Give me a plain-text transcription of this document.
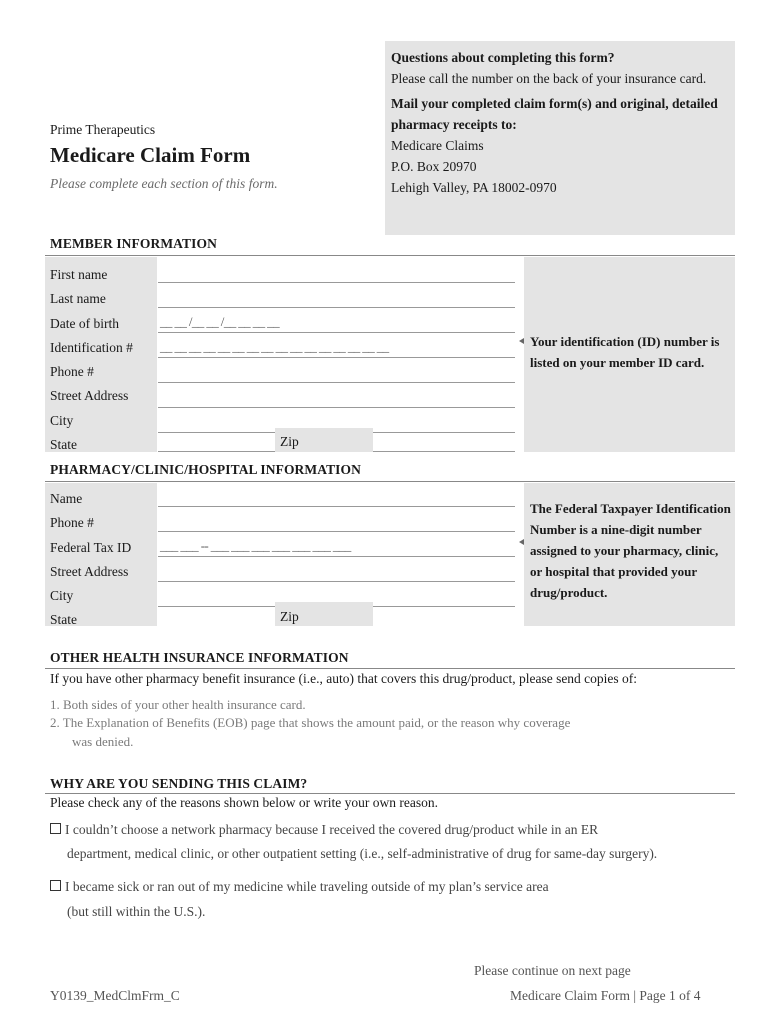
Questions about completing this form?
Please call the number on the back of your insurance card.
Mail your completed claim form(s) and original, detailed pharmacy receipts to:
Medicare Claims
P.O. Box 20970
Lehigh Valley, PA 18002-0970
Prime Therapeutics
Medicare Claim Form
Please complete each section of this form.
MEMBER INFORMATION
First name
Last name
Date of birth
Identification #
Phone #
Street Address
City
State
__ __ /__ __ /__ __ __ __
__ __ __ __ __ __ __ __ __ __ __ __ __ __ __ __
Zip
Your identification (ID) number is listed on your member ID card.
PHARMACY/CLINIC/HOSPITAL INFORMATION
Name
Phone #
Federal Tax ID
Street Address
City
State
___ ___ -- ___ ___ ___ ___ ___ ___ ___
Zip
The Federal Taxpayer Identification Number is a nine-digit number assigned to your pharmacy, clinic, or hospital that provided your drug/product.
OTHER HEALTH INSURANCE INFORMATION
If you have other pharmacy benefit insurance (i.e., auto) that covers this drug/product, please send copies of:
1. Both sides of your other health insurance card.
2. The Explanation of Benefits (EOB) page that shows the amount paid, or the reason why coverage
was denied.
WHY ARE YOU SENDING THIS CLAIM?
Please check any of the reasons shown below or write your own reason.
I couldn’t choose a network pharmacy because I received the covered drug/product while in an ER
department, medical clinic, or other outpatient setting (i.e., self-administrative of drug for same-day surgery).
I became sick or ran out of my medicine while traveling outside of my plan’s service area
(but still within the U.S.).
Please continue on next page
Y0139_MedClmFrm_C	Medicare Claim Form | Page 1 of 4
